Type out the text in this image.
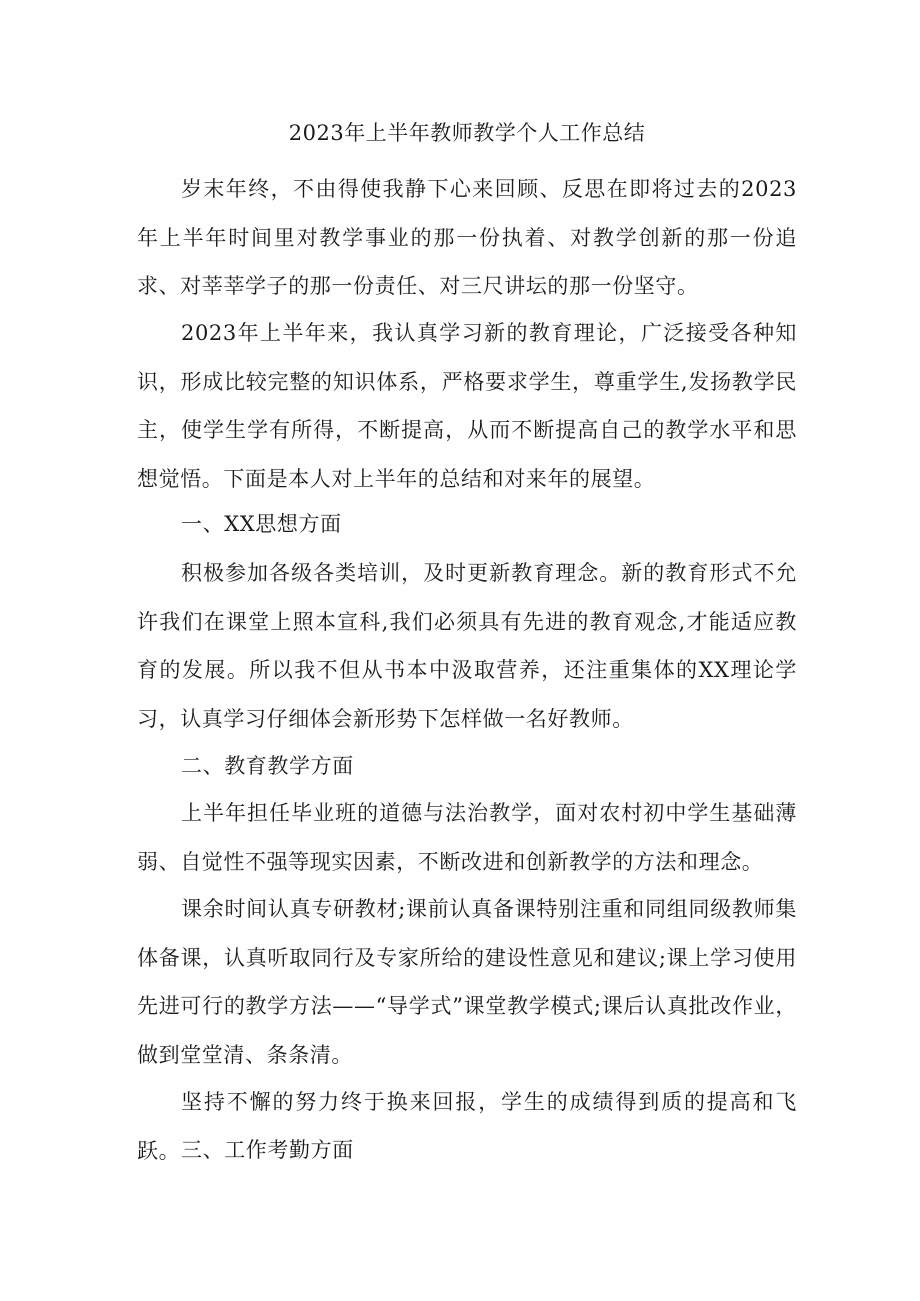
2023年上半年教师教学个人工作总结

岁末年终，不由得使我静下心来回顾、反思在即将过去的2023年上半年时间里对教学事业的那一份执着、对教学创新的那一份追求、对莘莘学子的那一份责任、对三尺讲坛的那一份坚守。

2023年上半年来，我认真学习新的教育理论，广泛接受各种知识，形成比较完整的知识体系，严格要求学生，尊重学生,发扬教学民主，使学生学有所得，不断提高，从而不断提高自己的教学水平和思想觉悟。下面是本人对上半年的总结和对来年的展望。

一、XX思想方面

积极参加各级各类培训，及时更新教育理念。新的教育形式不允许我们在课堂上照本宣科,我们必须具有先进的教育观念,才能适应教育的发展。所以我不但从书本中汲取营养，还注重集体的XX理论学习，认真学习仔细体会新形势下怎样做一名好教师。

二、教育教学方面

上半年担任毕业班的道德与法治教学，面对农村初中学生基础薄弱、自觉性不强等现实因素，不断改进和创新教学的方法和理念。

课余时间认真专研教材;课前认真备课特别注重和同组同级教师集体备课，认真听取同行及专家所给的建设性意见和建议;课上学习使用先进可行的教学方法——“导学式”课堂教学模式;课后认真批改作业，做到堂堂清、条条清。

坚持不懈的努力终于换来回报，学生的成绩得到质的提高和飞跃。 三、工作考勤方面
